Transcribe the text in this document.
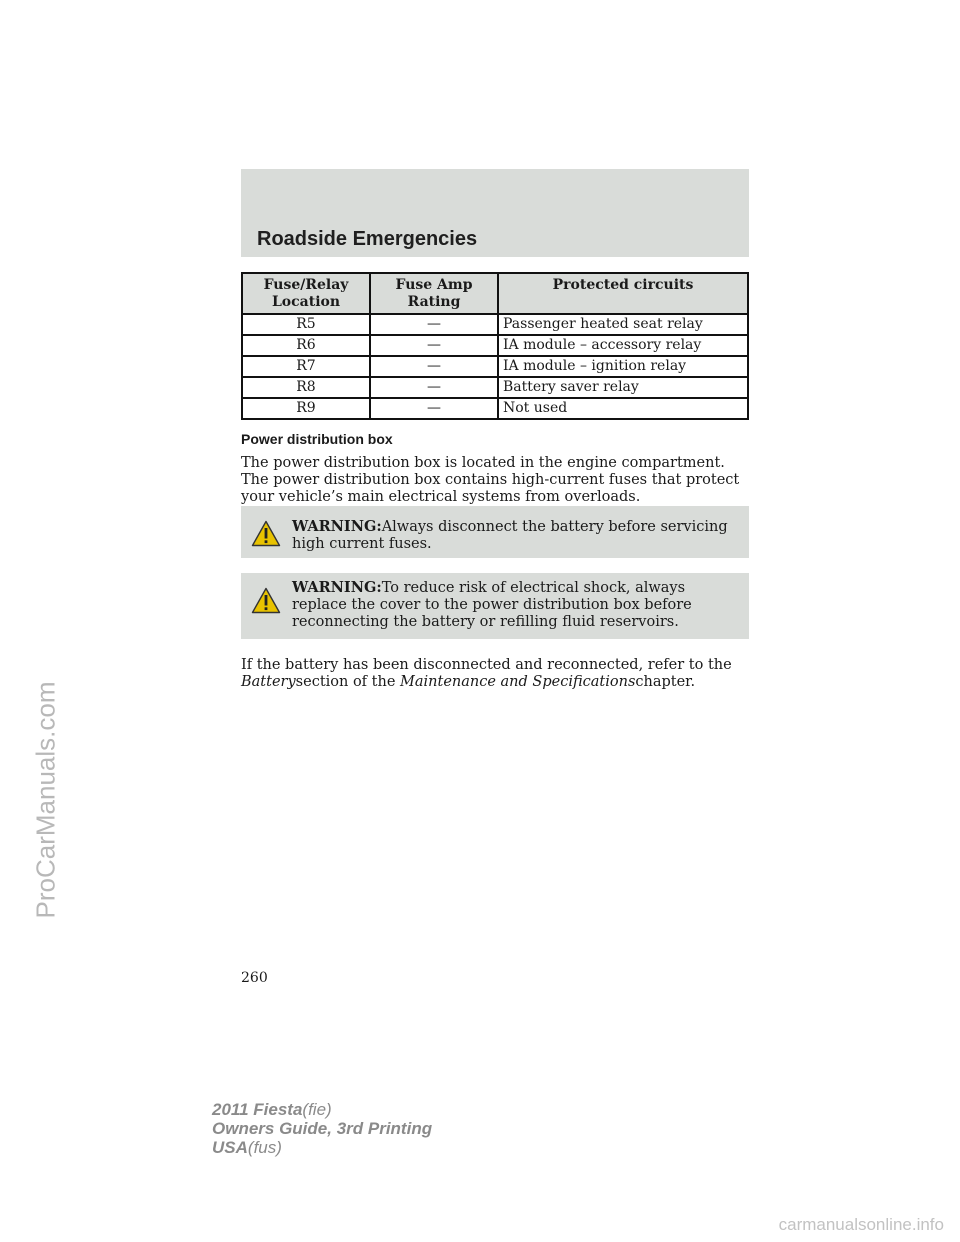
Roadside Emergencies
Fuse/Relay Location	Fuse Amp Rating	Protected circuits
R5	—	Passenger heated seat relay
R6	—	IA module – accessory relay
R7	—	IA module – ignition relay
R8	—	Battery saver relay
R9	—	Not used
Power distribution box
The power distribution box is located in the engine compartment. The power distribution box contains high-current fuses that protect your vehicle’s main electrical systems from overloads.
WARNING:Always disconnect the battery before servicing high current fuses.
WARNING:To reduce risk of electrical shock, always replace the cover to the power distribution box before reconnecting the battery or refilling fluid reservoirs.
If the battery has been disconnected and reconnected, refer to the
Batterysection of the Maintenance and Specificationschapter.
260
2011 Fiesta(fie)
Owners Guide, 3rd Printing
USA(fus)
ProCarManuals.com
carmanualsonline.info
